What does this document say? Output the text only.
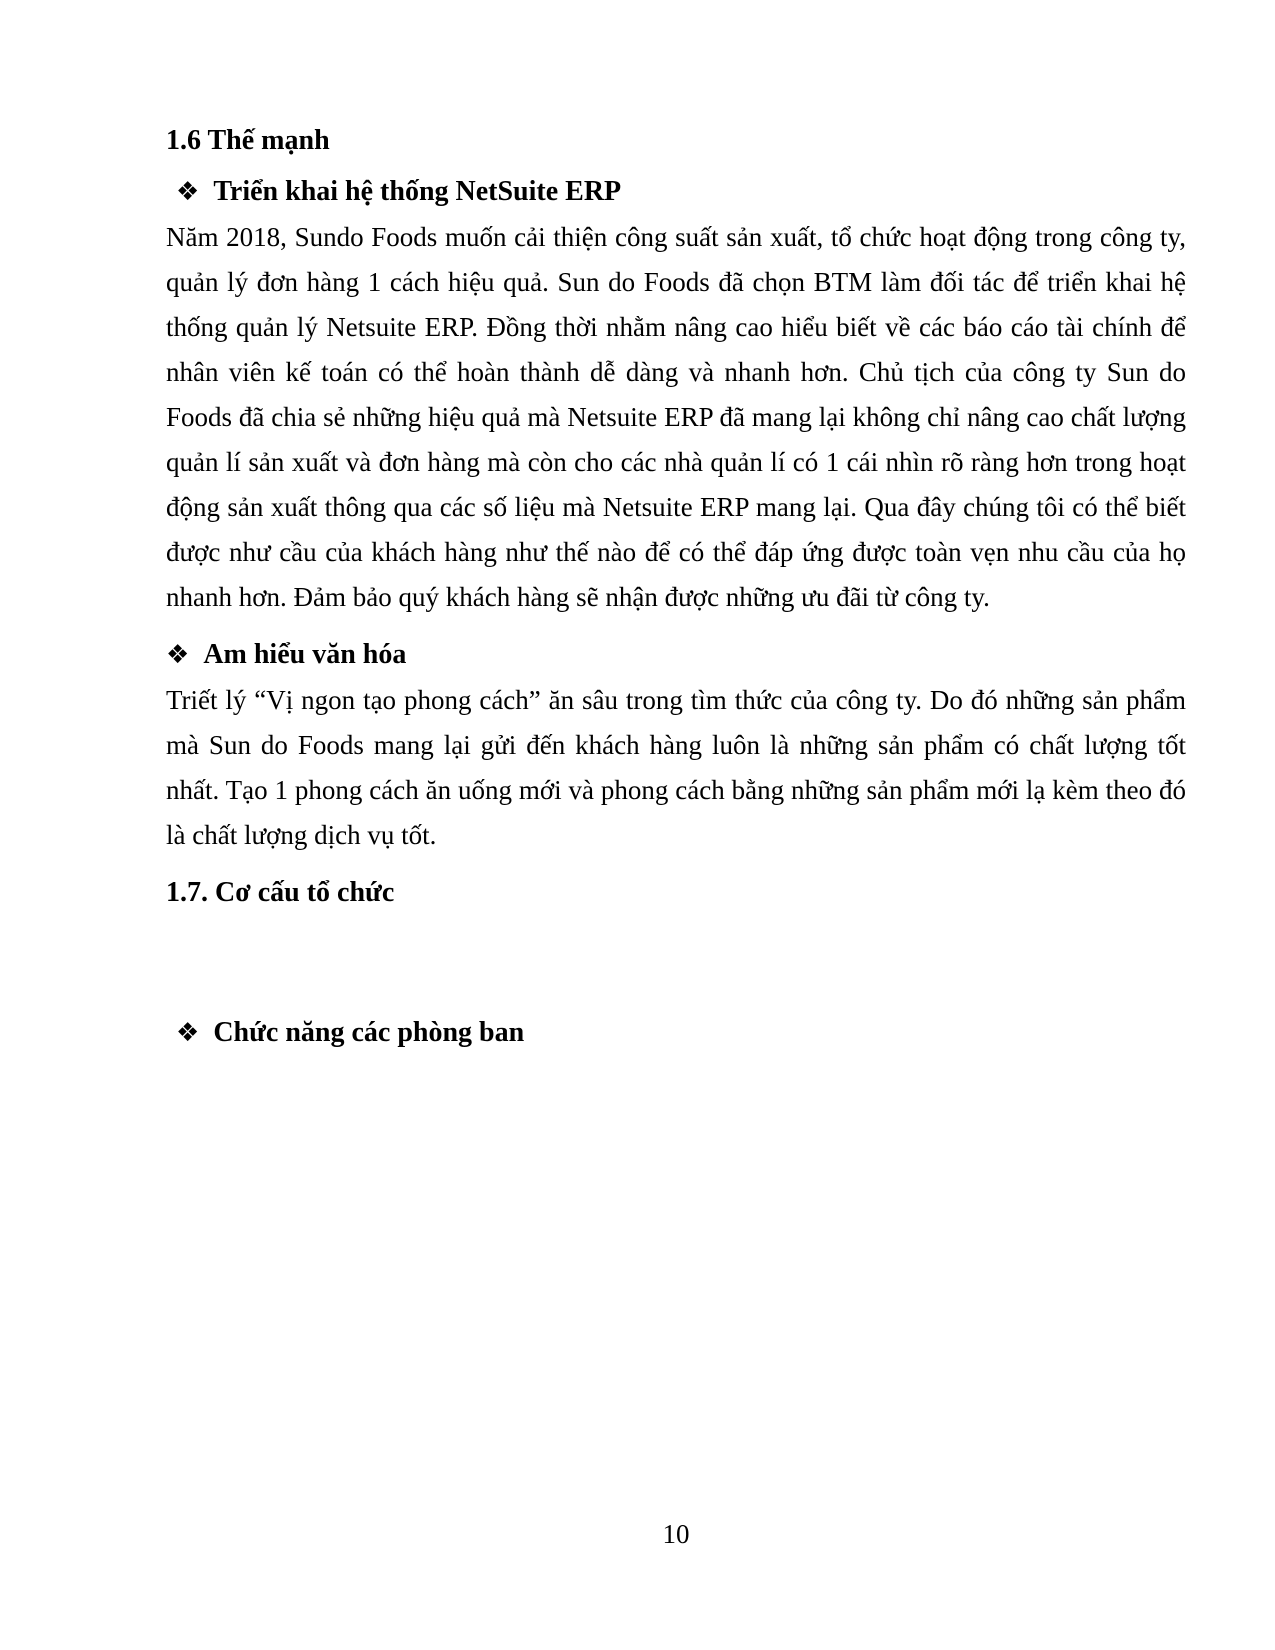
1.6 Thế mạnh

❖ Triển khai hệ thống NetSuite ERP

Năm 2018, Sundo Foods muốn cải thiện công suất sản xuất, tổ chức hoạt động trong công ty, quản lý đơn hàng 1 cách hiệu quả. Sun do Foods đã chọn BTM làm đối tác để triển khai hệ thống quản lý Netsuite ERP. Đồng thời nhằm nâng cao hiểu biết về các báo cáo tài chính để nhân viên kế toán có thể hoàn thành dễ dàng và nhanh hơn. Chủ tịch của công ty Sun do Foods đã chia sẻ những hiệu quả mà Netsuite ERP đã mang lại không chỉ nâng cao chất lượng quản lí sản xuất và đơn hàng mà còn cho các nhà quản lí có 1 cái nhìn rõ ràng hơn trong hoạt động sản xuất thông qua các số liệu mà Netsuite ERP mang lại. Qua đây chúng tôi có thể biết được như cầu của khách hàng như thế nào để có thể đáp ứng được toàn vẹn nhu cầu của họ nhanh hơn. Đảm bảo quý khách hàng sẽ nhận được những ưu đãi từ công ty.

❖ Am hiểu văn hóa

Triết lý “Vị ngon tạo phong cách” ăn sâu trong tìm thức của công ty. Do đó những sản phẩm mà Sun do Foods mang lại gửi đến khách hàng luôn là những sản phẩm có chất lượng tốt nhất. Tạo 1 phong cách ăn uống mới và phong cách bằng những sản phẩm mới lạ kèm theo đó là chất lượng dịch vụ tốt.

1.7. Cơ cấu tổ chức

❖ Chức năng các phòng ban

10
